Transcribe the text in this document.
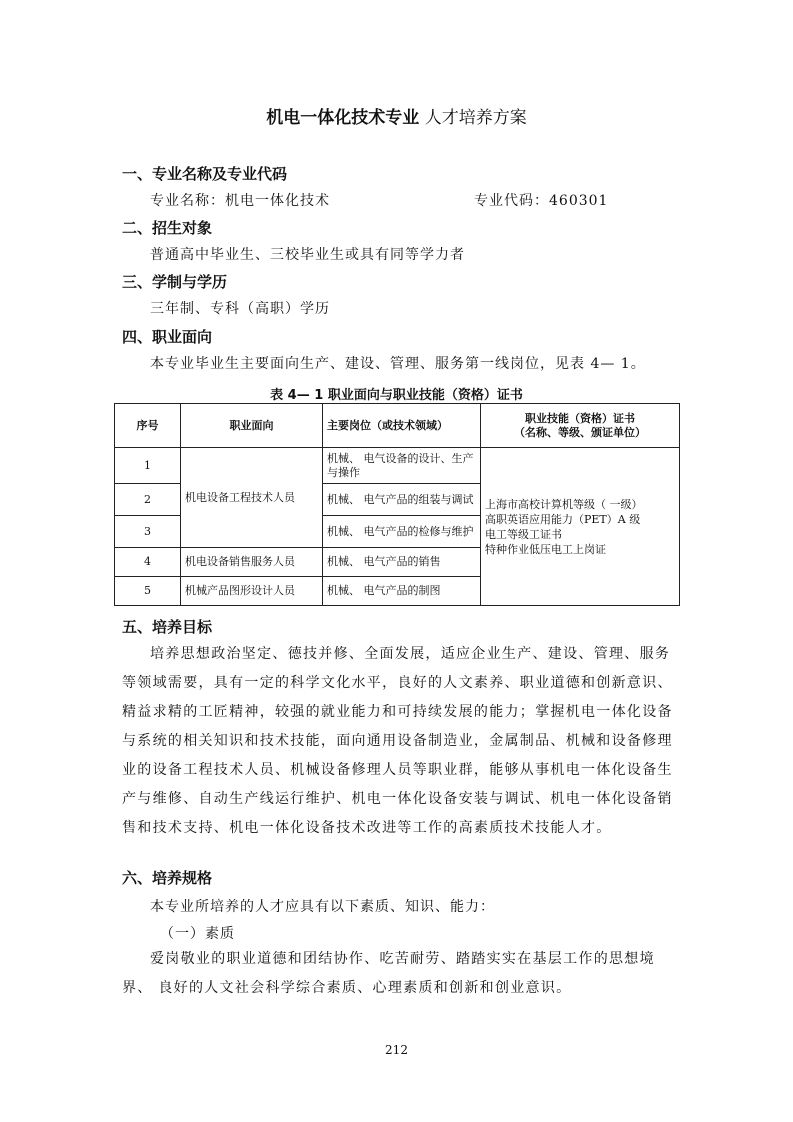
机电一体化技术专业 人才培养方案
一、专业名称及专业代码
专业名称：机电一体化技术	专业代码：460301
二、招生对象
普通高中毕业生、三校毕业生或具有同等学力者
三、学制与学历
三年制、专科（高职）学历
四、职业面向
本专业毕业生主要面向生产、建设、管理、服务第一线岗位，见表 4— 1。
表 4— 1 职业面向与职业技能（资格）证书
序号	职业面向	主要岗位（或技术领域）	职业技能（资格）证书
（名称、等级、颁证单位）

1	机电设备工程技术人员	机械、 电气设备的设计、生产与操作	上海市高校计算机等级（ 一级）
高职英语应用能力（PET）A 级
电工等级工证书
特种作业低压电工上岗证

2		机械、 电气产品的组装与调试	
3		机械、 电气产品的检修与维护	
4	机电设备销售服务人员	机械、 电气产品的销售	
5	机械产品图形设计人员	机械、 电气产品的制图	
五、培养目标
培养思想政治坚定、德技并修、全面发展，适应企业生产、建设、管理、服务等领域需要，具有一定的科学文化水平，良好的人文素养、职业道德和创新意识、精益求精的工匠精神，较强的就业能力和可持续发展的能力；掌握机电一体化设备与系统的相关知识和技术技能，面向通用设备制造业，金属制品、机械和设备修理业的设备工程技术人员、机械设备修理人员等职业群，能够从事机电一体化设备生产与维修、自动生产线运行维护、机电一体化设备安装与调试、机电一体化设备销售和技术支持、机电一体化设备技术改进等工作的高素质技术技能人才。
六、培养规格
本专业所培养的人才应具有以下素质、知识、能力：
（一）素质
爱岗敬业的职业道德和团结协作、吃苦耐劳、踏踏实实在基层工作的思想境界、 良好的人文社会科学综合素质、心理素质和创新和创业意识。
212
